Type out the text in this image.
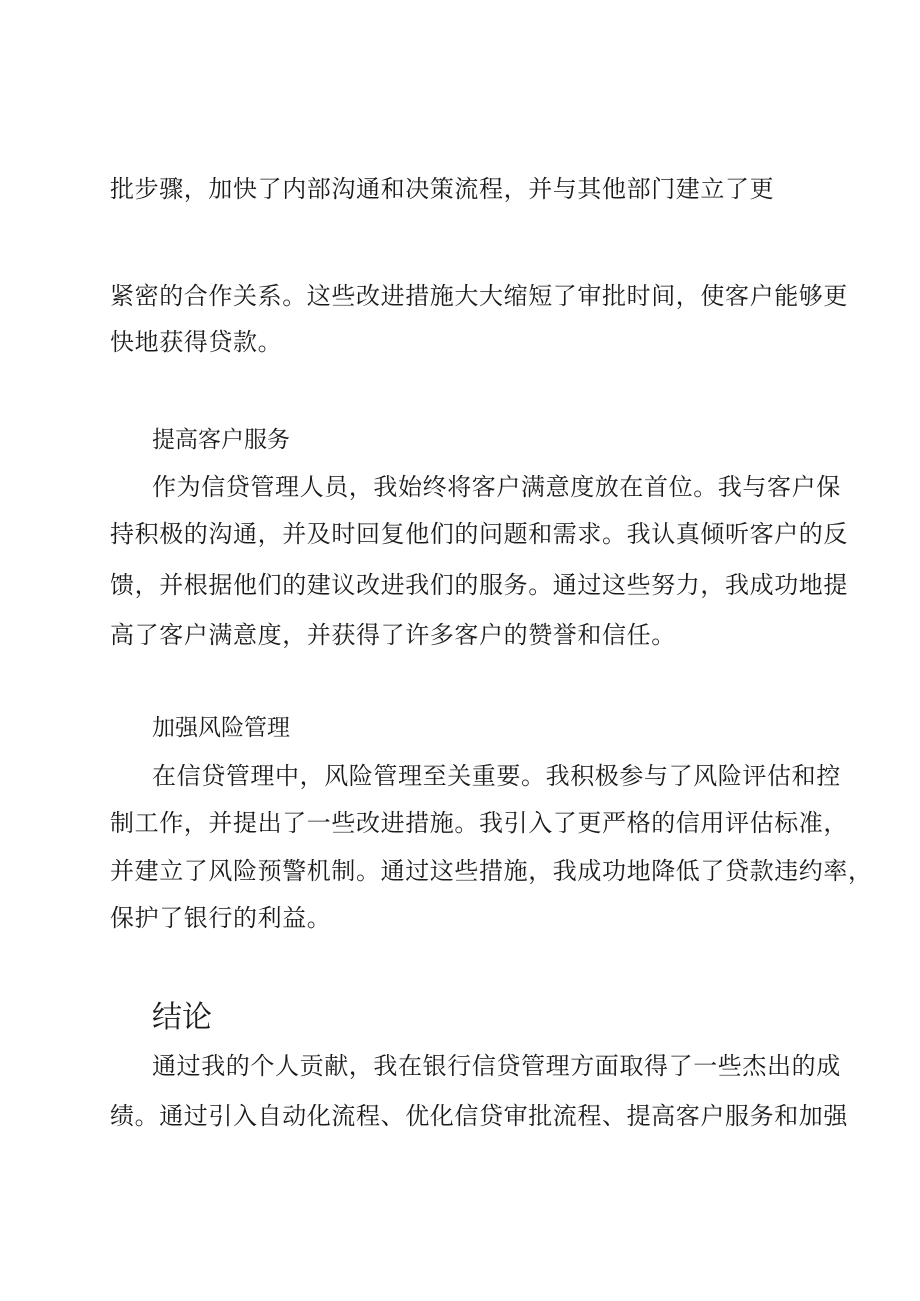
批步骤，加快了内部沟通和决策流程，并与其他部门建立了更
紧密的合作关系。这些改进措施大大缩短了审批时间，使客户能够更
快地获得贷款。
提高客户服务
作为信贷管理人员，我始终将客户满意度放在首位。我与客户保
持积极的沟通，并及时回复他们的问题和需求。我认真倾听客户的反
馈，并根据他们的建议改进我们的服务。通过这些努力，我成功地提
高了客户满意度，并获得了许多客户的赞誉和信任。
加强风险管理
在信贷管理中，风险管理至关重要。我积极参与了风险评估和控
制工作，并提出了一些改进措施。我引入了更严格的信用评估标准，
并建立了风险预警机制。通过这些措施，我成功地降低了贷款违约率，
保护了银行的利益。
结论
通过我的个人贡献，我在银行信贷管理方面取得了一些杰出的成
绩。通过引入自动化流程、优化信贷审批流程、提高客户服务和加强
